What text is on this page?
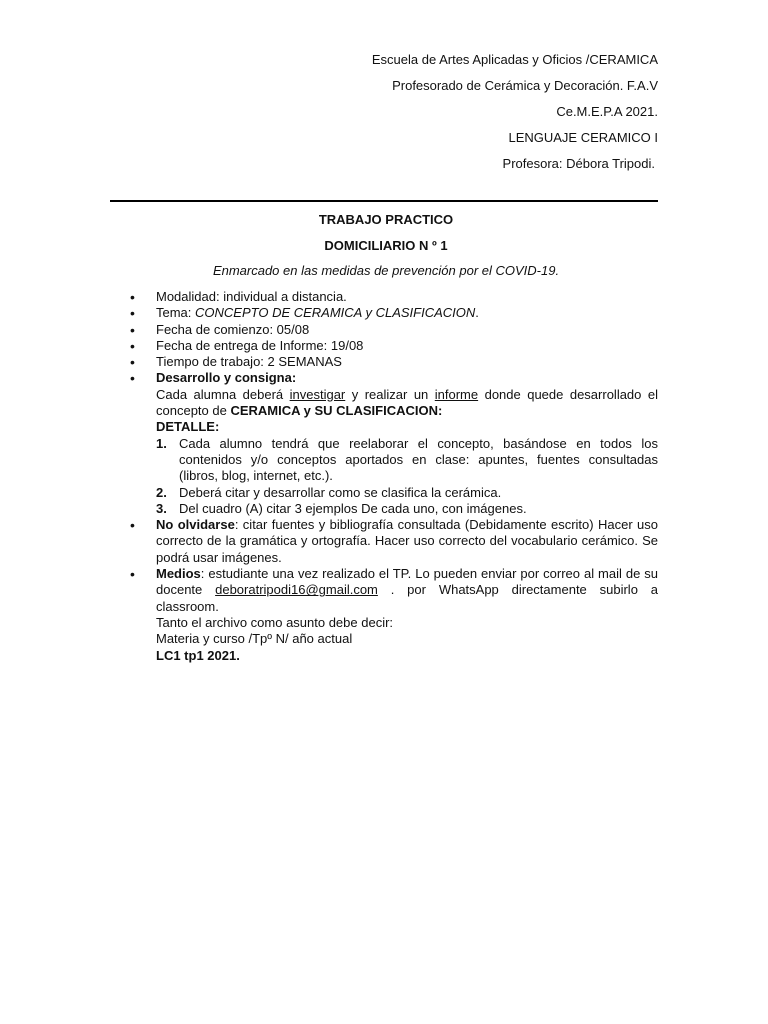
Escuela de Artes Aplicadas y Oficios /CERAMICA
Profesorado de Cerámica y Decoración. F.A.V
Ce.M.E.P.A 2021.
LENGUAJE CERAMICO I
Profesora: Débora Tripodi.
TRABAJO PRACTICO
DOMICILIARIO N º 1
Enmarcado en las medidas de prevención por el COVID-19.
• Modalidad: individual a distancia.
• Tema: CONCEPTO DE CERAMICA y CLASIFICACION.
• Fecha de comienzo: 05/08
• Fecha de entrega de Informe: 19/08
• Tiempo de trabajo: 2 SEMANAS
• Desarrollo y consigna:
Cada alumna deberá investigar y realizar un informe donde quede desarrollado el concepto de CERAMICA y SU CLASIFICACION:
DETALLE:
1. Cada alumno tendrá que reelaborar el concepto, basándose en todos los contenidos y/o conceptos aportados en clase: apuntes, fuentes consultadas (libros, blog, internet, etc.).
2. Deberá citar y desarrollar como se clasifica la cerámica.
3. Del cuadro (A) citar 3 ejemplos De cada uno, con imágenes.
• No olvidarse: citar fuentes y bibliografía consultada (Debidamente escrito) Hacer uso correcto de la gramática y ortografía. Hacer uso correcto del vocabulario cerámico. Se podrá usar imágenes.
• Medios: estudiante una vez realizado el TP. Lo pueden enviar por correo al mail de su docente deboratripodi16@gmail.com . por WhatsApp directamente subirlo a classroom.
Tanto el archivo como asunto debe decir:
Materia y curso /Tpº N/ año actual
LC1 tp1 2021.
